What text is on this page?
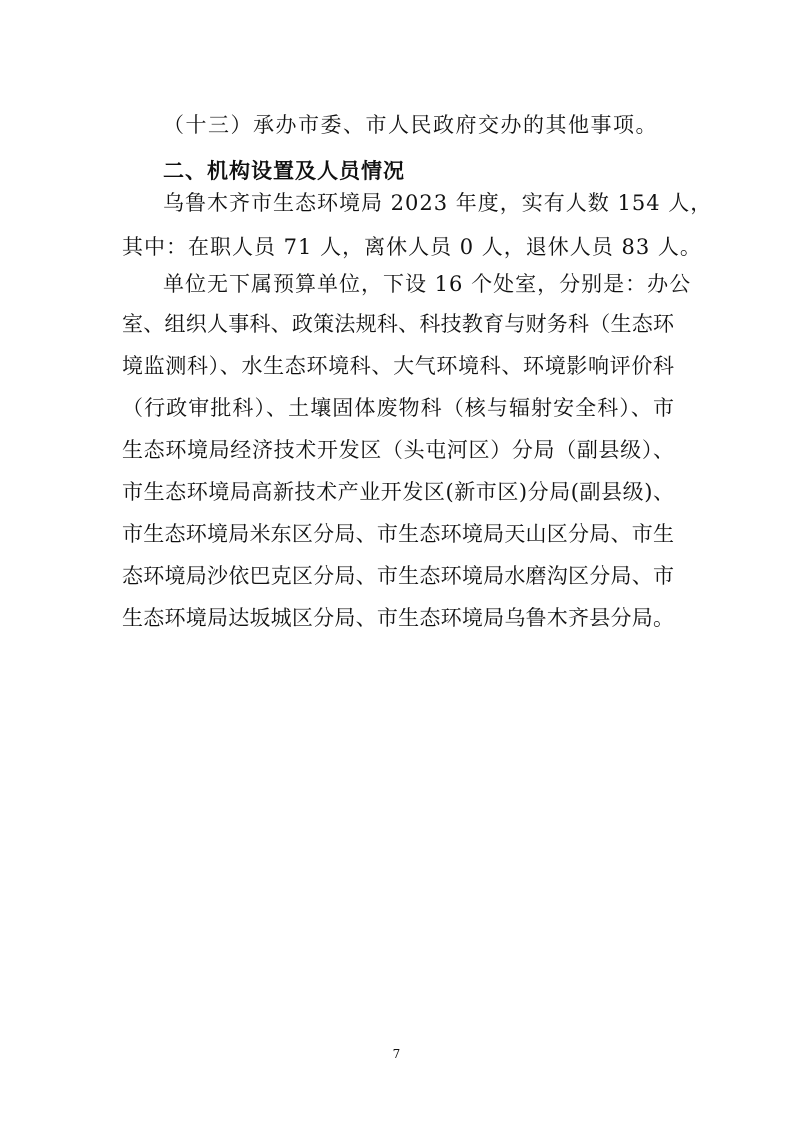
（十三）承办市委、市人民政府交办的其他事项。
二、机构设置及人员情况
乌鲁木齐市生态环境局 2023 年度，实有人数 154 人，
其中：在职人员 71 人，离休人员 0 人，退休人员 83 人。
单位无下属预算单位，下设 16 个处室，分别是：办公
室、组织人事科、政策法规科、科技教育与财务科（生态环
境监测科）、水生态环境科、大气环境科、环境影响评价科
（行政审批科）、土壤固体废物科（核与辐射安全科）、市
生态环境局经济技术开发区（头屯河区）分局（副县级）、
市生态环境局高新技术产业开发区(新市区)分局(副县级)、
市生态环境局米东区分局、市生态环境局天山区分局、市生
态环境局沙依巴克区分局、市生态环境局水磨沟区分局、市
生态环境局达坂城区分局、市生态环境局乌鲁木齐县分局。
7
